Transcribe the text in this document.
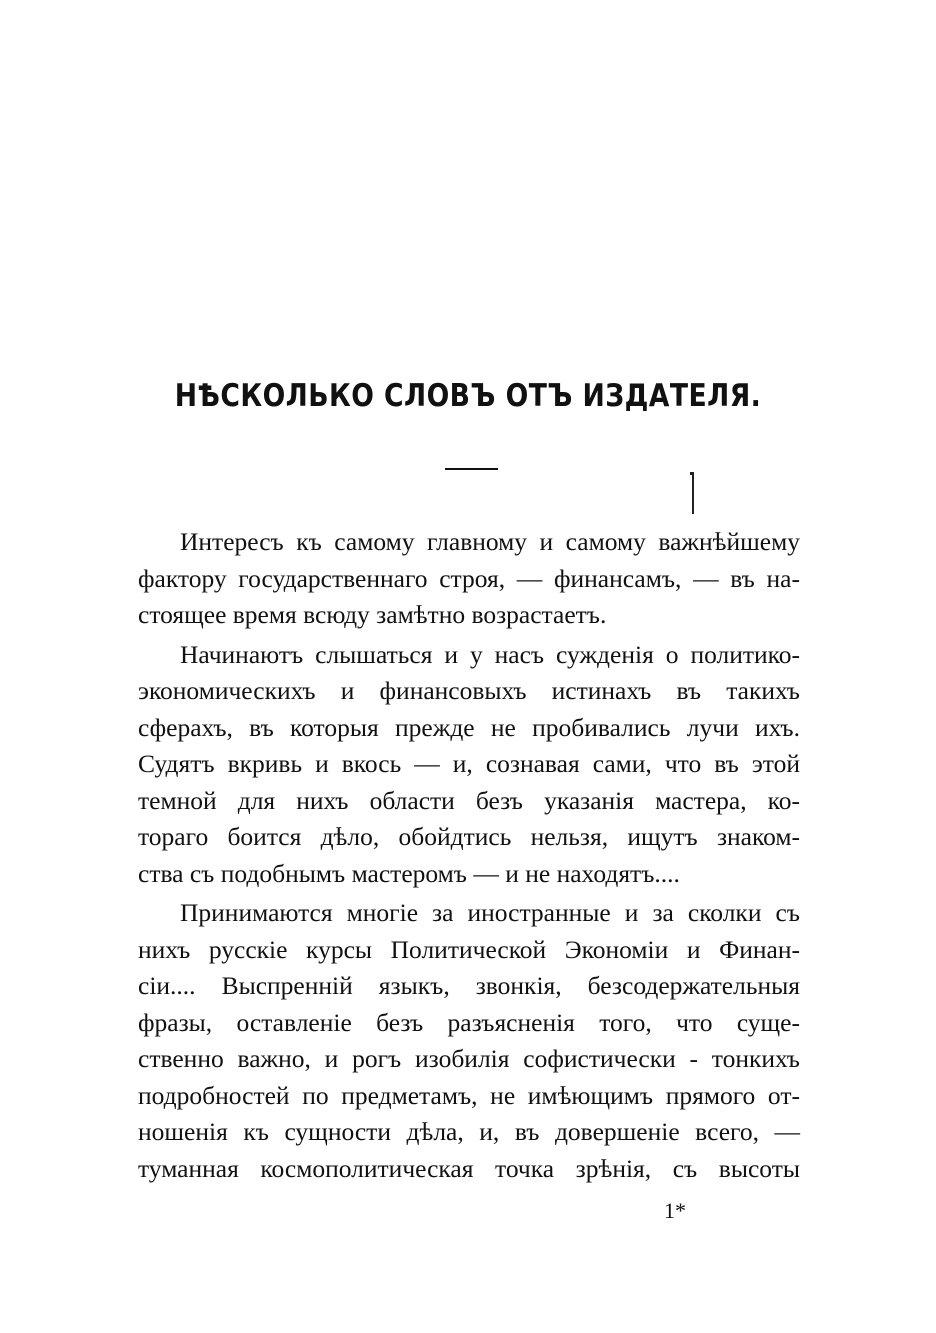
НѢСКОЛЬКО СЛОВЪ ОТЪ ИЗДАТЕЛЯ.
Интересъ къ самому главному и самому важнѣйшему
фактору государственнаго строя, — финансамъ, — въ на-
стоящее время всюду замѣтно возрастаетъ.
Начинаютъ слышаться и у насъ сужденія о политико-
экономическихъ и финансовыхъ истинахъ въ такихъ
сферахъ, въ которыя прежде не пробивались лучи ихъ.
Судятъ вкривь и вкось — и, сознавая сами, что въ этой
темной для нихъ области безъ указанія мастера, ко-
тораго боится дѣло, обойдтись нельзя, ищутъ знаком-
ства съ подобнымъ мастеромъ — и не находятъ....
Принимаются многіе за иностранные и за сколки съ
нихъ русскіе курсы Политической Экономіи и Финан-
сіи.... Выспренній языкъ, звонкія, безсодержательныя
фразы, оставленіе безъ разъясненія того, что суще-
ственно важно, и рогъ изобилія софистически - тонкихъ
подробностей по предметамъ, не имѣющимъ прямого от-
ношенія къ сущности дѣла, и, въ довершеніе всего, —
туманная космополитическая точка зрѣнія, съ высоты
1*
